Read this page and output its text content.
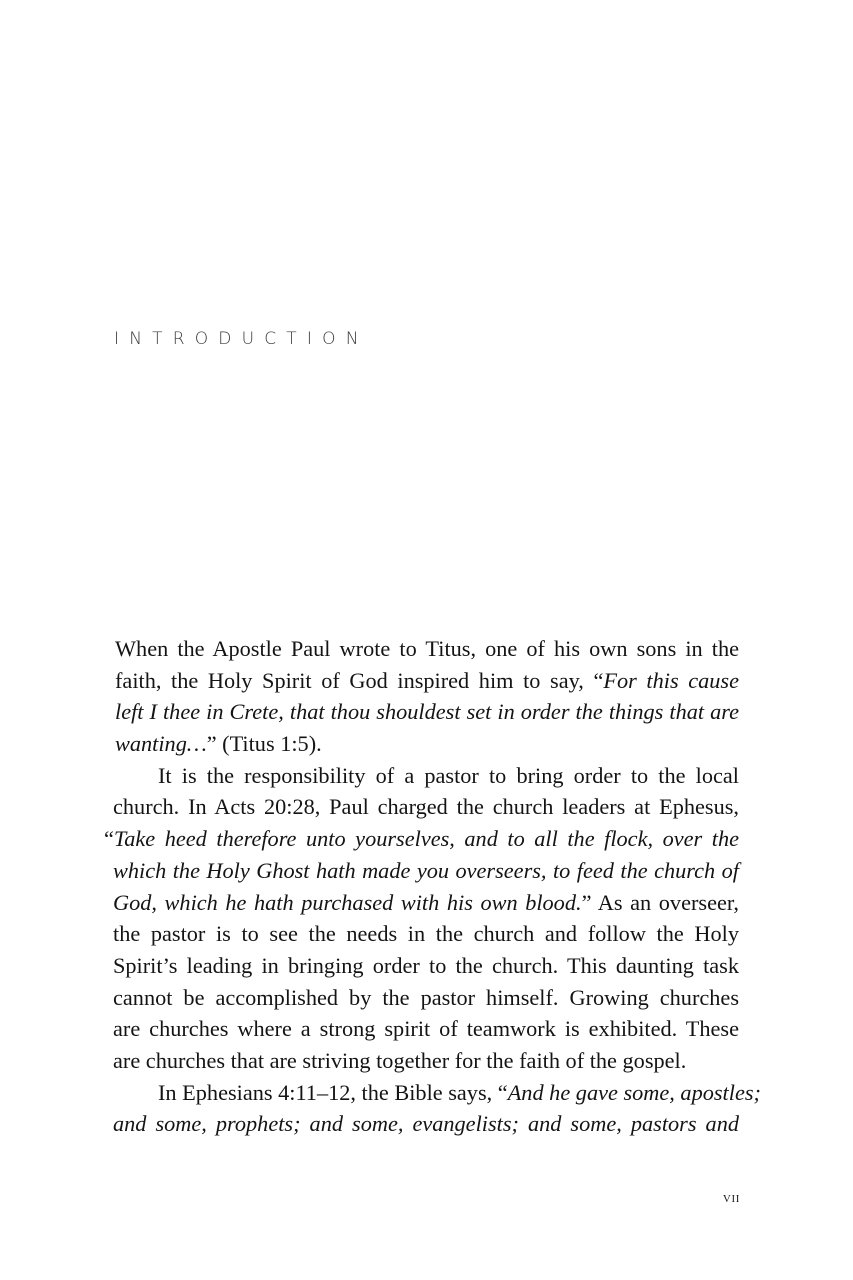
INTRODUCTION
When the Apostle Paul wrote to Titus, one of his own sons in the
faith, the Holy Spirit of God inspired him to say, “For this cause
left I thee in Crete, that thou shouldest set in order the things that are
wanting…” (Titus 1:5).
It is the responsibility of a pastor to bring order to the local
church. In Acts 20:28, Paul charged the church leaders at Ephesus,
“Take heed therefore unto yourselves, and to all the flock, over the
which the Holy Ghost hath made you overseers, to feed the church of
God, which he hath purchased with his own blood.” As an overseer,
the pastor is to see the needs in the church and follow the Holy
Spirit’s leading in bringing order to the church. This daunting task
cannot be accomplished by the pastor himself. Growing churches
are churches where a strong spirit of teamwork is exhibited. These
are churches that are striving together for the faith of the gospel.
In Ephesians 4:11–12, the Bible says, “And he gave some, apostles;
and some, prophets; and some, evangelists; and some, pastors and
vii
